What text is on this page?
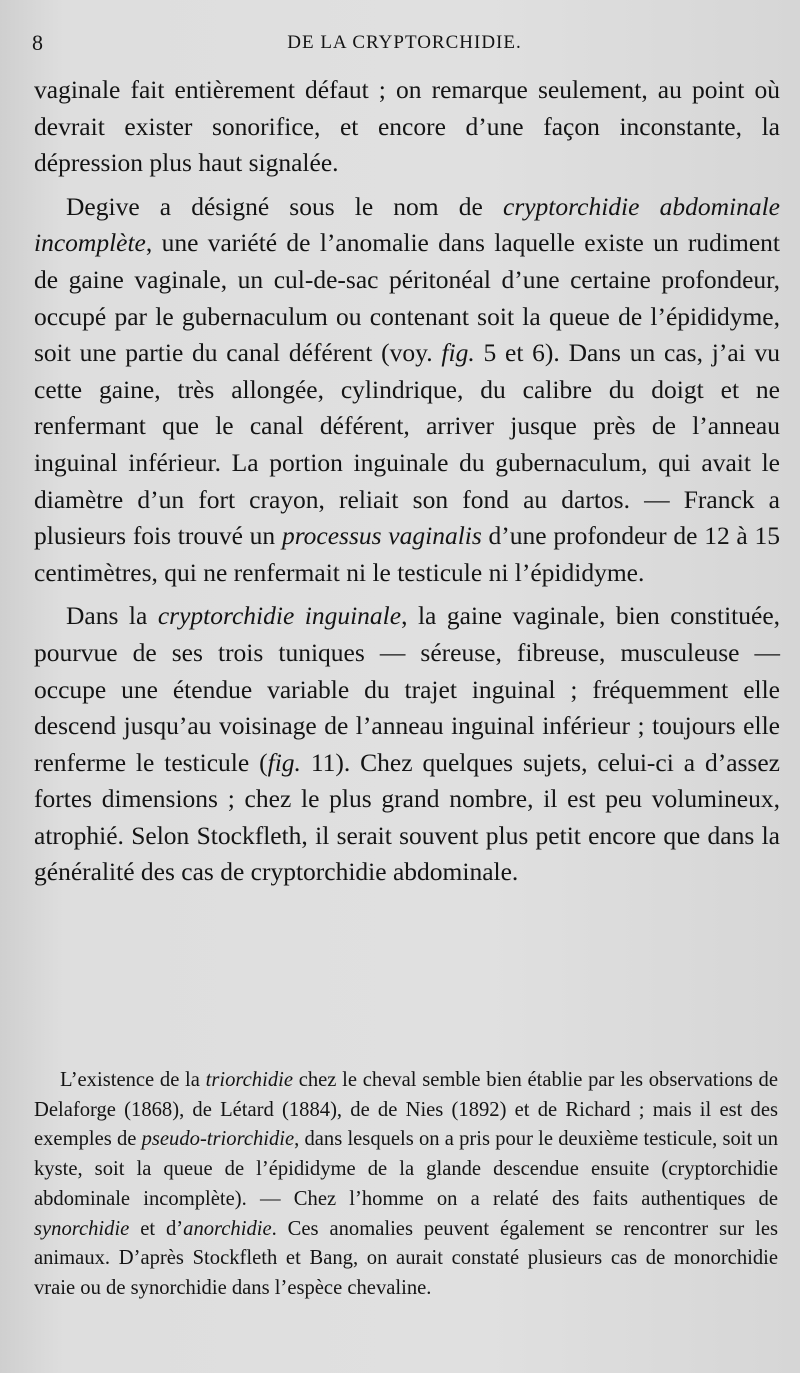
8	DE LA CRYPTORCHIDIE.

vaginale fait entièrement défaut ; on remarque seulement, au point où devrait exister sonorifice, et encore d’une façon inconstante, la dépression plus haut signalée.

Degive a désigné sous le nom de cryptorchidie abdominale incomplète, une variété de l’anomalie dans laquelle existe un rudiment de gaine vaginale, un cul-de-sac péritonéal d’une certaine profondeur, occupé par le gubernaculum ou contenant soit la queue de l’épididyme, soit une partie du canal déférent (voy. fig. 5 et 6). Dans un cas, j’ai vu cette gaine, très allongée, cylindrique, du calibre du doigt et ne renfermant que le canal déférent, arriver jusque près de l’anneau inguinal inférieur. La portion inguinale du gubernaculum, qui avait le diamètre d’un fort crayon, reliait son fond au dartos. — Franck a plusieurs fois trouvé un processus vaginalis d’une profondeur de 12 à 15 centimètres, qui ne renfermait ni le testicule ni l’épididyme.

Dans la cryptorchidie inguinale, la gaine vaginale, bien constituée, pourvue de ses trois tuniques — séreuse, fibreuse, musculeuse — occupe une étendue variable du trajet inguinal ; fréquemment elle descend jusqu’au voisinage de l’anneau inguinal inférieur ; toujours elle renferme le testicule (fig. 11). Chez quelques sujets, celui-ci a d’assez fortes dimensions ; chez le plus grand nombre, il est peu volumineux, atrophié. Selon Stockfleth, il serait souvent plus petit encore que dans la généralité des cas de cryptorchidie abdominale.

L’existence de la triorchidie chez le cheval semble bien établie par les observations de Delaforge (1868), de Létard (1884), de de Nies (1892) et de Richard ; mais il est des exemples de pseudo-triorchidie, dans lesquels on a pris pour le deuxième testicule, soit un kyste, soit la queue de l’épididyme de la glande descendue ensuite (cryptorchidie abdominale incomplète). — Chez l’homme on a relaté des faits authentiques de synorchidie et d’anorchidie. Ces anomalies peuvent également se rencontrer sur les animaux. D’après Stockfleth et Bang, on aurait constaté plusieurs cas de monorchidie vraie ou de synorchidie dans l’espèce chevaline.
